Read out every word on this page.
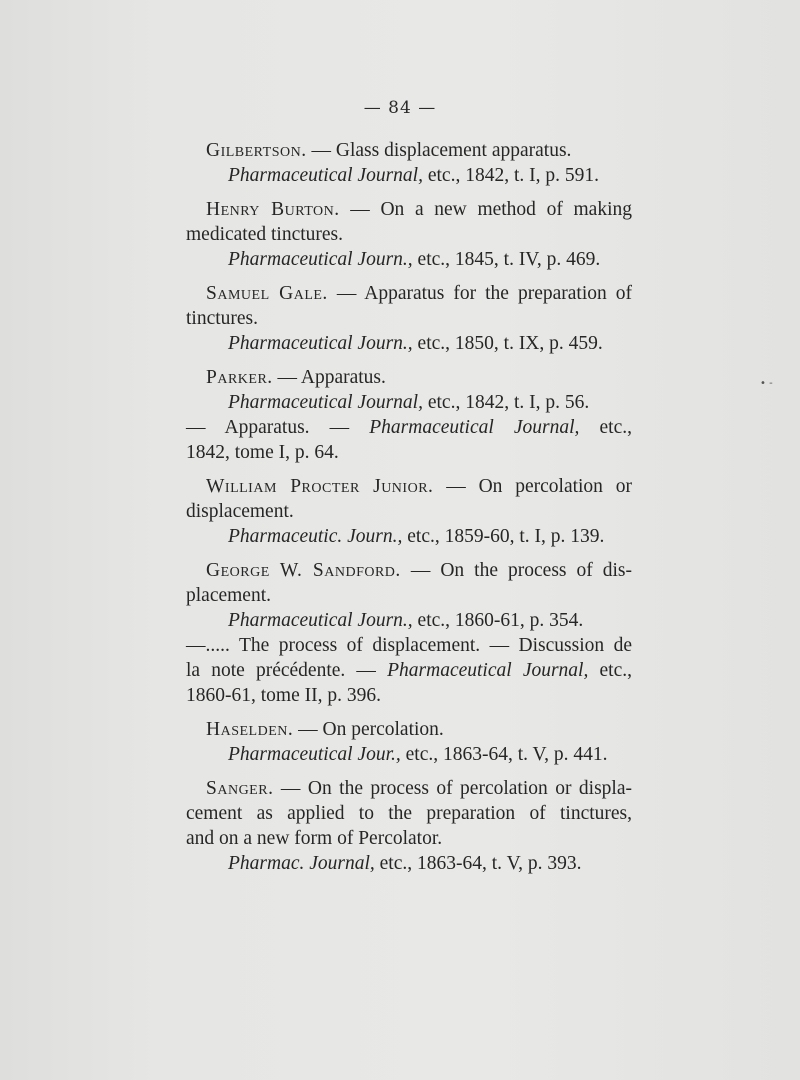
— 84 —
Gilbertson. — Glass displacement apparatus.
Pharmaceutical Journal, etc., 1842, t. I, p. 591.
Henry Burton. — On a new method of making
medicated tinctures.
Pharmaceutical Journ., etc., 1845, t. IV, p. 469.
Samuel Gale. — Apparatus for the preparation of
tinctures.
Pharmaceutical Journ., etc., 1850, t. IX, p. 459.
Parker. — Apparatus.
Pharmaceutical Journal, etc., 1842, t. I, p. 56.
— Apparatus. — Pharmaceutical Journal, etc.,
1842, tome I, p. 64.
William Procter Junior. — On percolation or
displacement.
Pharmaceutic. Journ., etc., 1859-60, t. I, p. 139.
George W. Sandford. — On the process of dis-
placement.
Pharmaceutical Journ., etc., 1860-61, p. 354.
—..... The process of displacement. — Discussion de
la note précédente. — Pharmaceutical Journal, etc.,
1860-61, tome II, p. 396.
Haselden. — On percolation.
Pharmaceutical Jour., etc., 1863-64, t. V, p. 441.
Sanger. — On the process of percolation or displa-
cement as applied to the preparation of tinctures,
and on a new form of Percolator.
Pharmac. Journal, etc., 1863-64, t. V, p. 393.
• ‑
